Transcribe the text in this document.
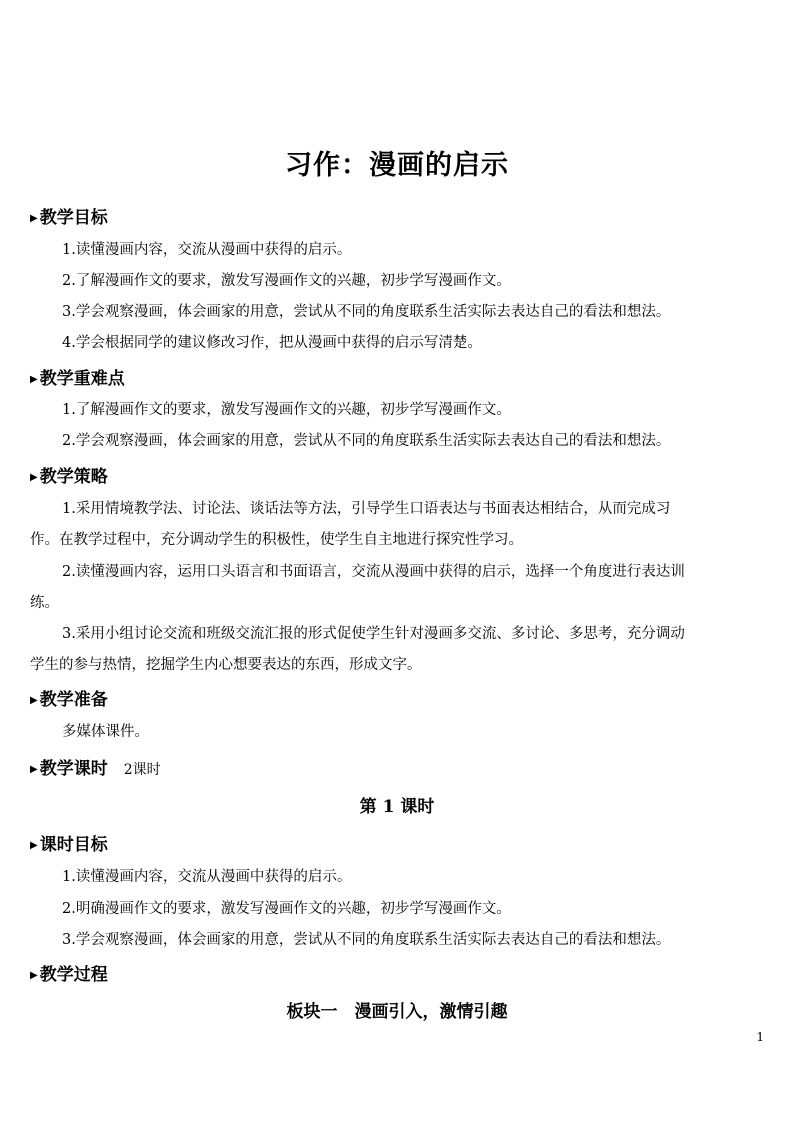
习作：漫画的启示
▶ 教学目标
1.读懂漫画内容，交流从漫画中获得的启示。
2.了解漫画作文的要求，激发写漫画作文的兴趣，初步学写漫画作文。
3.学会观察漫画，体会画家的用意，尝试从不同的角度联系生活实际去表达自己的看法和想法。
4.学会根据同学的建议修改习作，把从漫画中获得的启示写清楚。
▶ 教学重难点
1.了解漫画作文的要求，激发写漫画作文的兴趣，初步学写漫画作文。
2.学会观察漫画，体会画家的用意，尝试从不同的角度联系生活实际去表达自己的看法和想法。
▶ 教学策略
1.采用情境教学法、讨论法、谈话法等方法，引导学生口语表达与书面表达相结合，从而完成习
作。在教学过程中，充分调动学生的积极性，使学生自主地进行探究性学习。
2.读懂漫画内容，运用口头语言和书面语言，交流从漫画中获得的启示，选择一个角度进行表达训
练。
3.采用小组讨论交流和班级交流汇报的形式促使学生针对漫画多交流、多讨论、多思考，充分调动
学生的参与热情，挖掘学生内心想要表达的东西，形成文字。
▶ 教学准备
多媒体课件。
▶ 教学课时 2课时
第 1 课时
▶ 课时目标
1.读懂漫画内容，交流从漫画中获得的启示。
2.明确漫画作文的要求，激发写漫画作文的兴趣，初步学写漫画作文。
3.学会观察漫画，体会画家的用意，尝试从不同的角度联系生活实际去表达自己的看法和想法。
▶ 教学过程
板块一　漫画引入，激情引趣
1
